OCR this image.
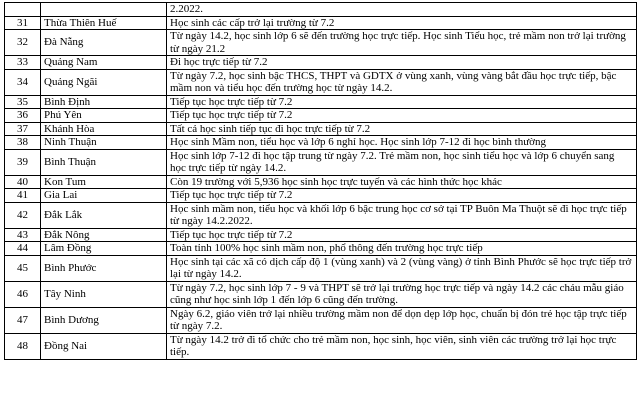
		2.2022.
31	Thừa Thiên Huế	Học sinh các cấp trở lại trường từ 7.2
32	Đà Nẵng	Từ ngày 14.2, học sinh lớp 6 sẽ đến trường học trực tiếp. Học sinh Tiểu học, trẻ mầm non trở lại trường từ ngày 21.2
33	Quảng Nam	Đi học trực tiếp từ 7.2
34	Quảng Ngãi	Từ ngày 7.2, học sinh bậc THCS, THPT và GDTX ở vùng xanh, vùng vàng bắt đầu học trực tiếp, bậc mầm non và tiểu học đến trường học từ ngày 14.2.
35	Bình Định	Tiếp tục học trực tiếp từ 7.2
36	Phú Yên	Tiếp tục học trực tiếp từ 7.2
37	Khánh Hòa	Tất cả học sinh tiếp tục đi học trực tiếp từ 7.2
38	Ninh Thuận	Học sinh Mầm non, tiểu học và lớp 6 nghỉ học. Học sinh lớp 7-12 đi học bình thường
39	Bình Thuận	Học sinh lớp 7-12 đi học tập trung từ ngày 7.2. Trẻ mầm non, học sinh tiểu học và lớp 6 chuyển sang học trực tiếp từ ngày 14.2.
40	Kon Tum	Còn 19 trường với 5,936 học sinh học trực tuyến và các hình thức học khác
41	Gia Lai	Tiếp tục học trực tiếp từ 7.2
42	Đắk Lắk	Học sinh mầm non, tiểu học và khối lớp 6 bậc trung học cơ sở tại TP Buôn Ma Thuột sẽ đi học trực tiếp từ ngày 14.2.2022.
43	Đắk Nông	Tiếp tục học trực tiếp từ 7.2
44	Lâm Đồng	Toàn tỉnh 100% học sinh mầm non, phổ thông đến trường học trực tiếp
45	Bình Phước	Học sinh tại các xã có dịch cấp độ 1 (vùng xanh) và 2 (vùng vàng) ở tỉnh Bình Phước sẽ học trực tiếp trở lại từ ngày 14.2.
46	Tây Ninh	Từ ngày 7.2, học sinh lớp 7 - 9 và THPT sẽ trở lại trường học trực tiếp và ngày 14.2 các cháu mẫu giáo cũng như học sinh lớp 1 đến lớp 6 cũng đến trường.
47	Bình Dương	Ngày 6.2, giáo viên trở lại nhiều trường mầm non để dọn dẹp lớp học, chuẩn bị đón trẻ học tập trực tiếp từ ngày 7.2.
48	Đồng Nai	Từ ngày 14.2 trở đi tổ chức cho trẻ mầm non, học sinh, học viên, sinh viên các trường trở lại học trực tiếp.
